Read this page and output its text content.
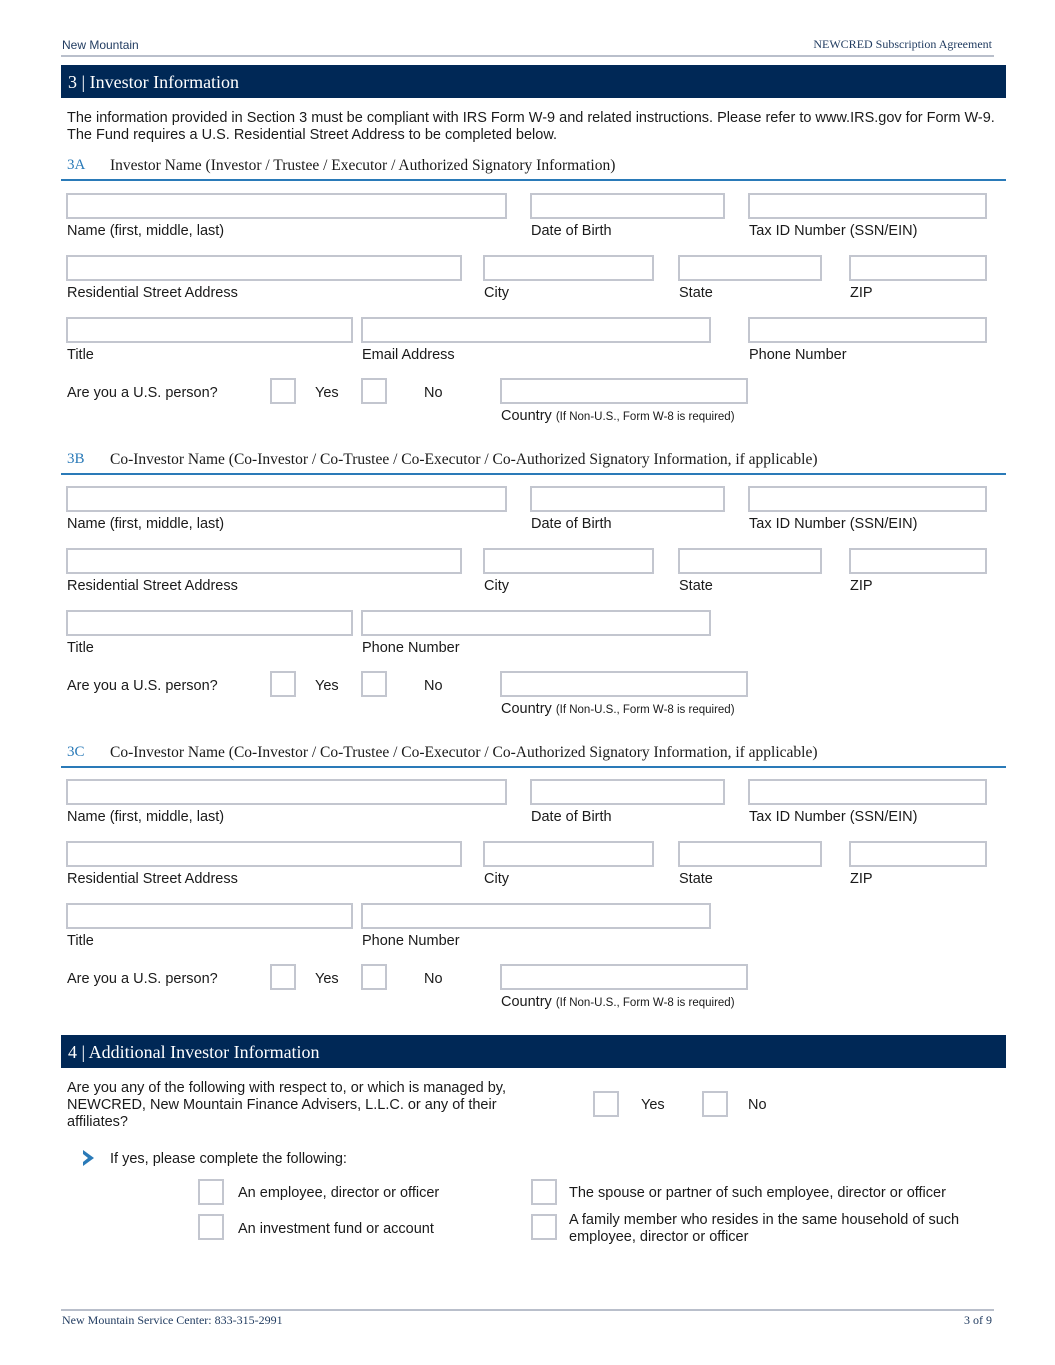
New Mountain	NEWCRED Subscription Agreement
3 | Investor Information
The information provided in Section 3 must be compliant with IRS Form W-9 and related instructions. Please refer to www.IRS.gov for Form W-9. The Fund requires a U.S. Residential Street Address to be completed below.
3A Investor Name (Investor / Trustee / Executor / Authorized Signatory Information)
Name (first, middle, last)	Date of Birth	Tax ID Number (SSN/EIN)
Residential Street Address	City	State	ZIP
Title	Email Address	Phone Number
Are you a U.S. person?	Yes	No
Country (If Non-U.S., Form W-8 is required)
3B Co-Investor Name (Co-Investor / Co-Trustee / Co-Executor / Co-Authorized Signatory Information, if applicable)
Name (first, middle, last)	Date of Birth	Tax ID Number (SSN/EIN)
Residential Street Address	City	State	ZIP
Title	Phone Number
Are you a U.S. person?	Yes	No
Country (If Non-U.S., Form W-8 is required)
3C Co-Investor Name (Co-Investor / Co-Trustee / Co-Executor / Co-Authorized Signatory Information, if applicable)
Name (first, middle, last)	Date of Birth	Tax ID Number (SSN/EIN)
Residential Street Address	City	State	ZIP
Title	Phone Number
Are you a U.S. person?	Yes	No
Country (If Non-U.S., Form W-8 is required)
4 | Additional Investor Information
Are you any of the following with respect to, or which is managed by, NEWCRED, New Mountain Finance Advisers, L.L.C. or any of their affiliates?
Yes	No
If yes, please complete the following:
An employee, director or officer	The spouse or partner of such employee, director or officer
An investment fund or account
A family member who resides in the same household of such employee, director or officer
New Mountain Service Center: 833-315-2991	3 of 9
